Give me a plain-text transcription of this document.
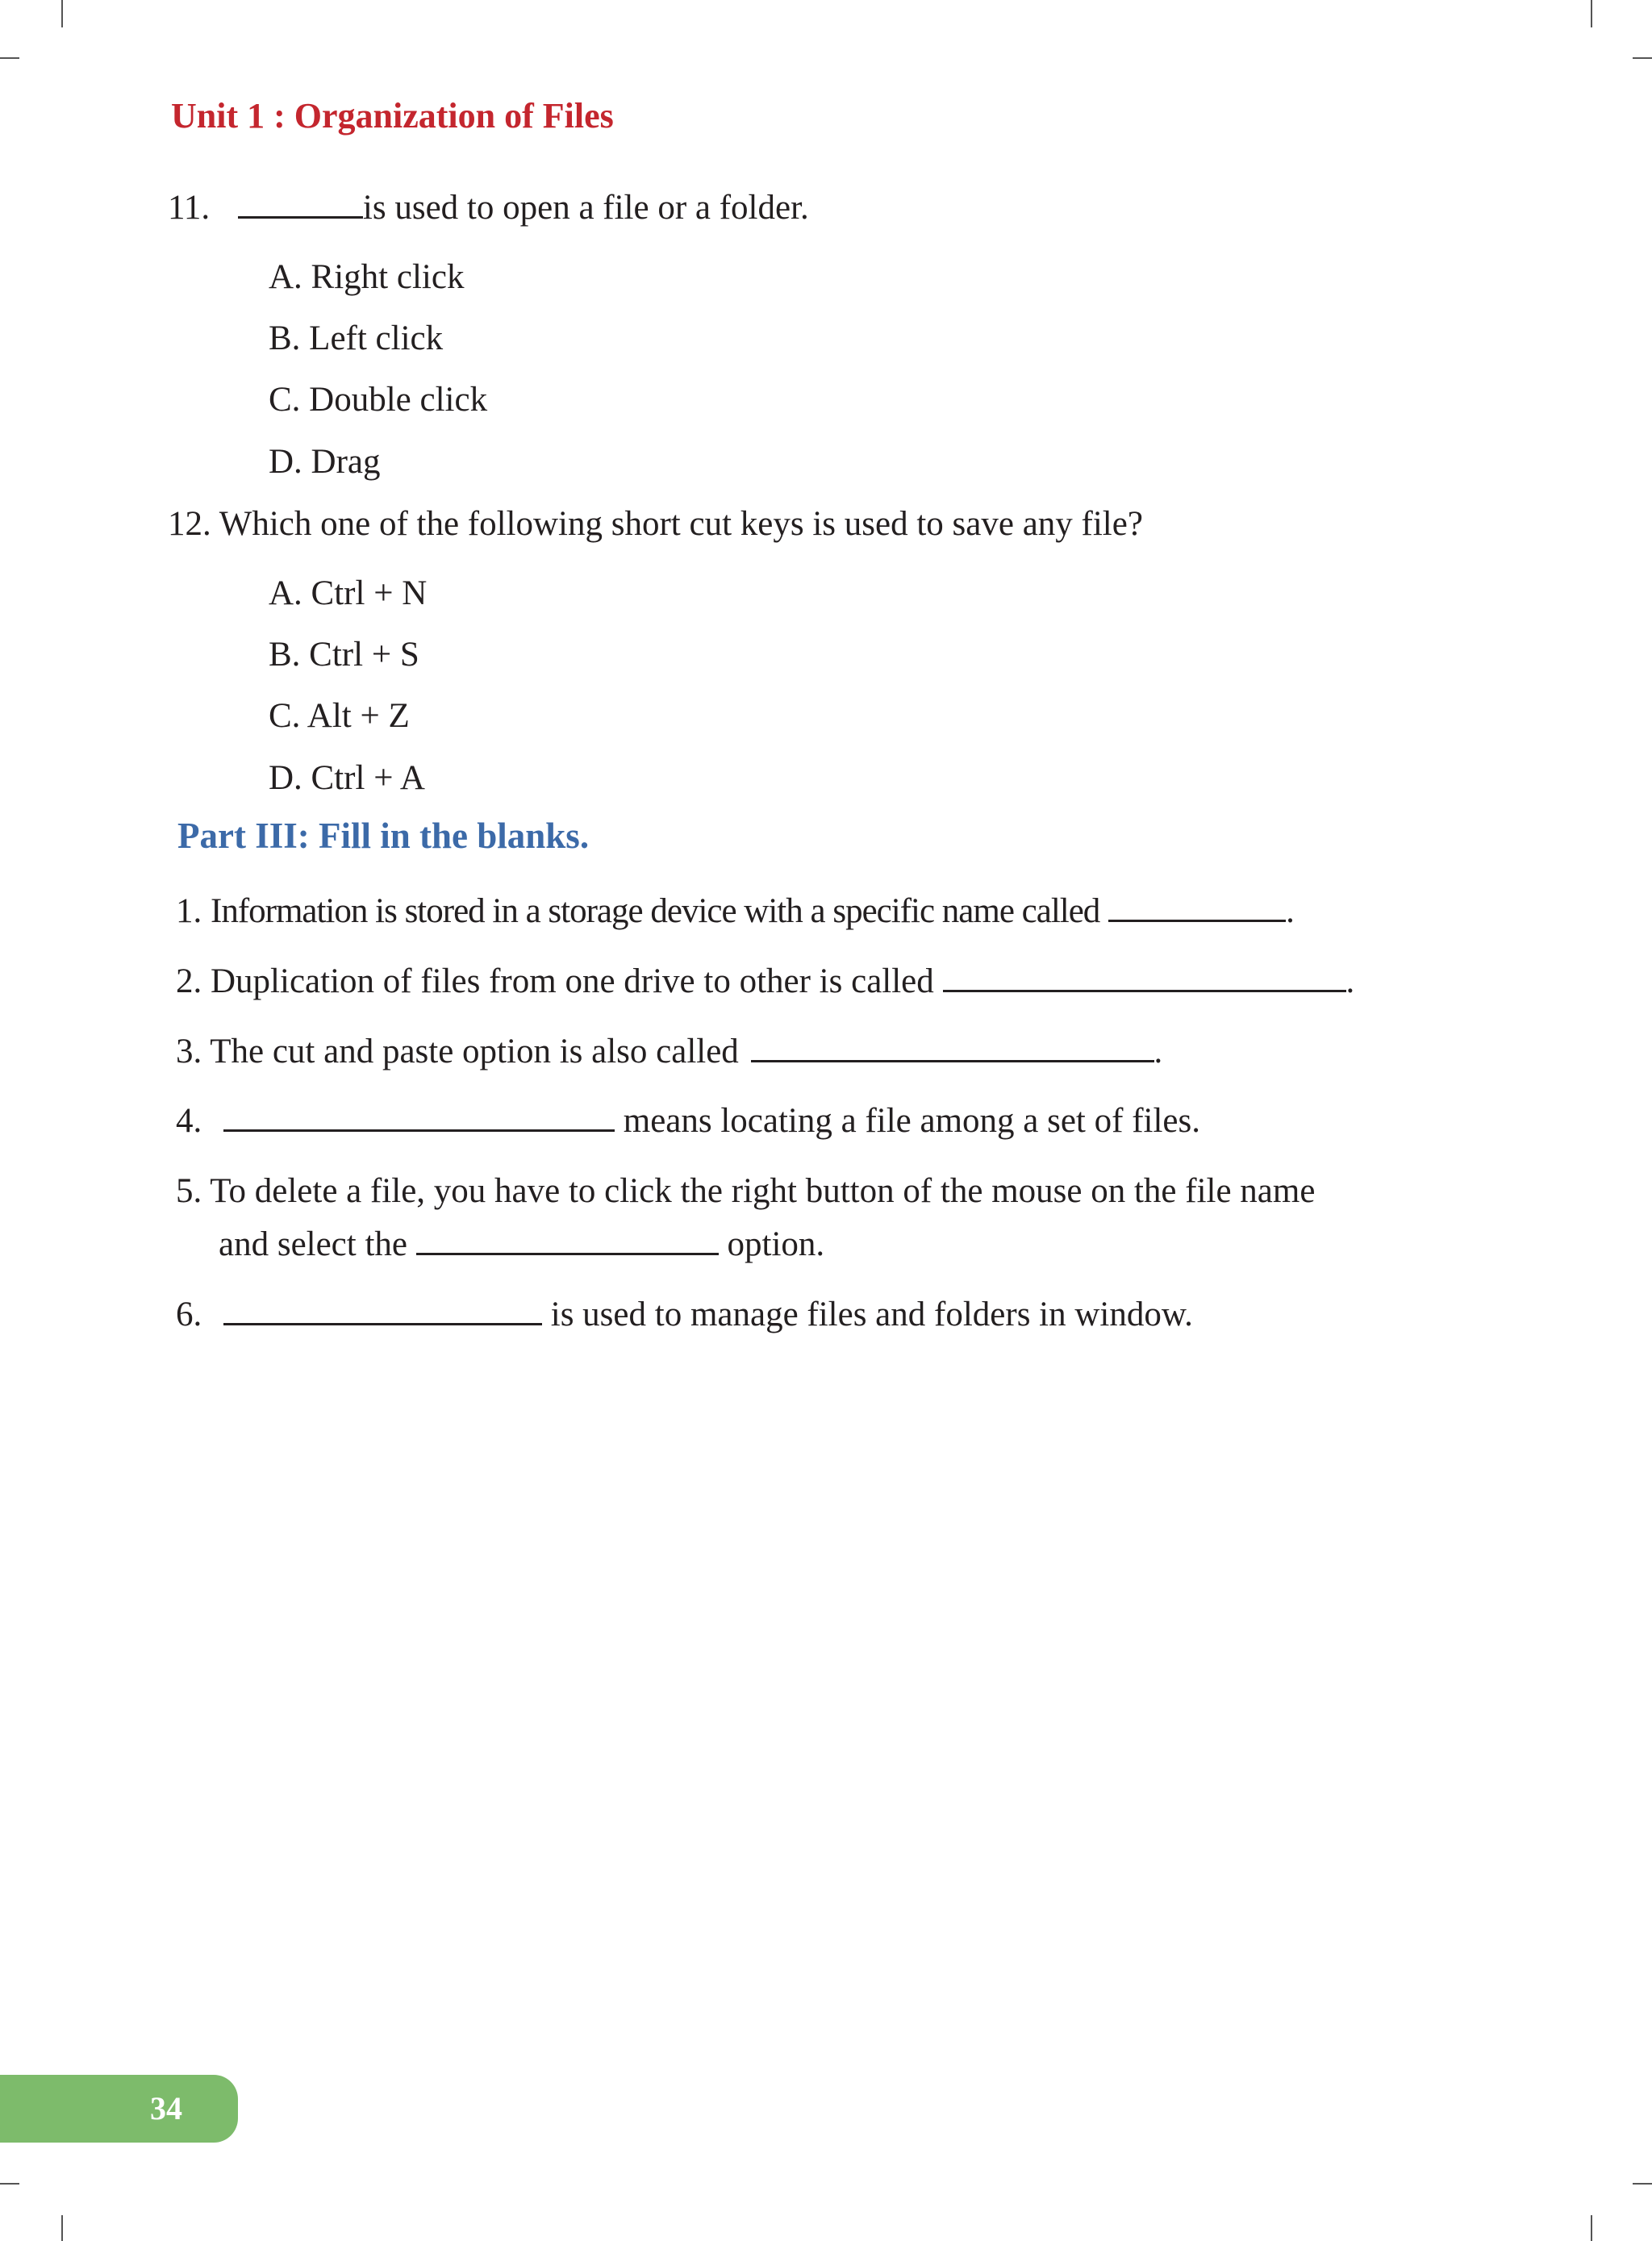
Unit 1 : Organization of Files
11.	is used to open a file or a folder.
A. Right click
B. Left click
C. Double click
D. Drag
12. Which one of the following short cut keys is used to save any file?
A. Ctrl + N
B. Ctrl + S
C. Alt + Z
D. Ctrl + A
Part III: Fill in the blanks.
1. Information is stored in a storage device with a specific name called	.
2. Duplication of files from one drive to other is called	.
3. The cut and paste option is also called	.
4.	means locating a file among a set of files.
5. To delete a file, you have to click the right button of the mouse on the file name
and select the	option.
6.	is used to manage files and folders in window.
34
